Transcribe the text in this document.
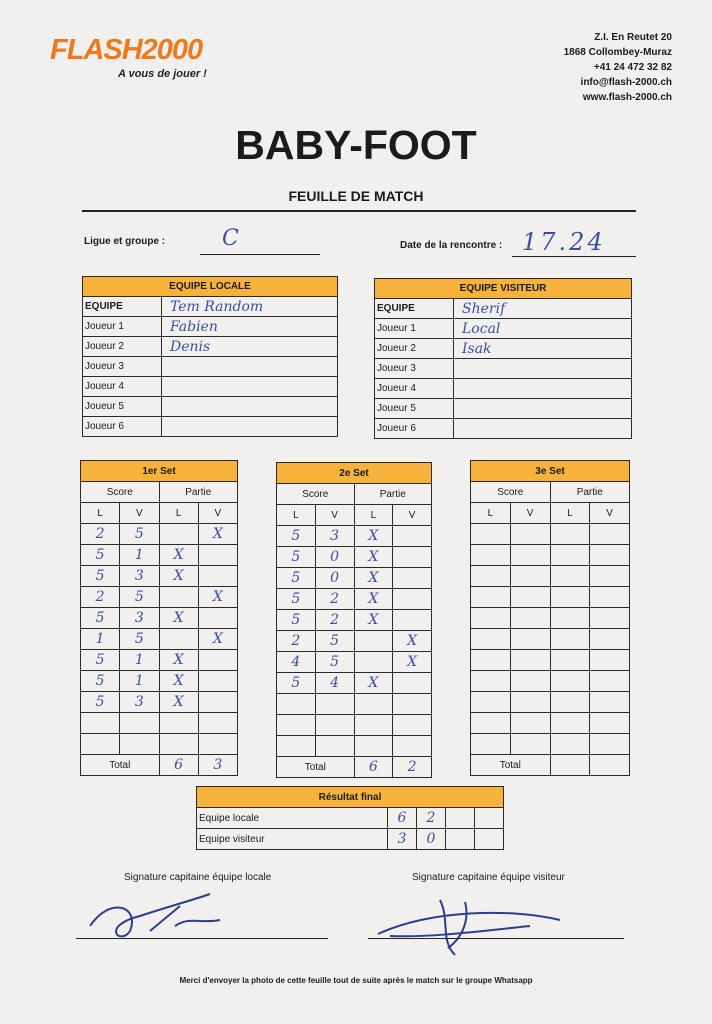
FLASH2000
A vous de jouer !
Z.I. En Reutet 20
1868 Collombey-Muraz
+41 24 472 32 82
info@flash-2000.ch
www.flash-2000.ch
BABY-FOOT
FEUILLE DE MATCH
Ligue et groupe :	C	Date de la rencontre : 17.24
EQUIPE LOCALE	
EQUIPE	Tem Random
Joueur 1	Fabien
Joueur 2	Denis
Joueur 3	
Joueur 4	
Joueur 5	
Joueur 6	
EQUIPE VISITEUR	
EQUIPE	Sherif
Joueur 1	Local
Joueur 2	Isak
Joueur 3	
Joueur 4	
Joueur 5	
Joueur 6	
1er Set			
Score		Partie	
L	V	L	V
2	5		X
5	1	X	
5	3	X	
2	5		X
5	3	X	
1	5		X
5	1	X	
5	1	X	
5	3	X	

Total		6	3
2e Set			
Score		Partie	
L	V	L	V
5	3	X	
5	0	X	
5	0	X	
5	2	X	
5	2	X	
2	5		X
4	5		X
5	4	X	

Total		6	2
3e Set			
Score		Partie	
L	V	L	V

Total			
Résultat final				
Equipe locale	6	2		
Equipe visiteur	3	0		
Signature capitaine équipe locale	Signature capitaine équipe visiteur
Merci d'envoyer la photo de cette feuille tout de suite après le match sur le groupe Whatsapp
